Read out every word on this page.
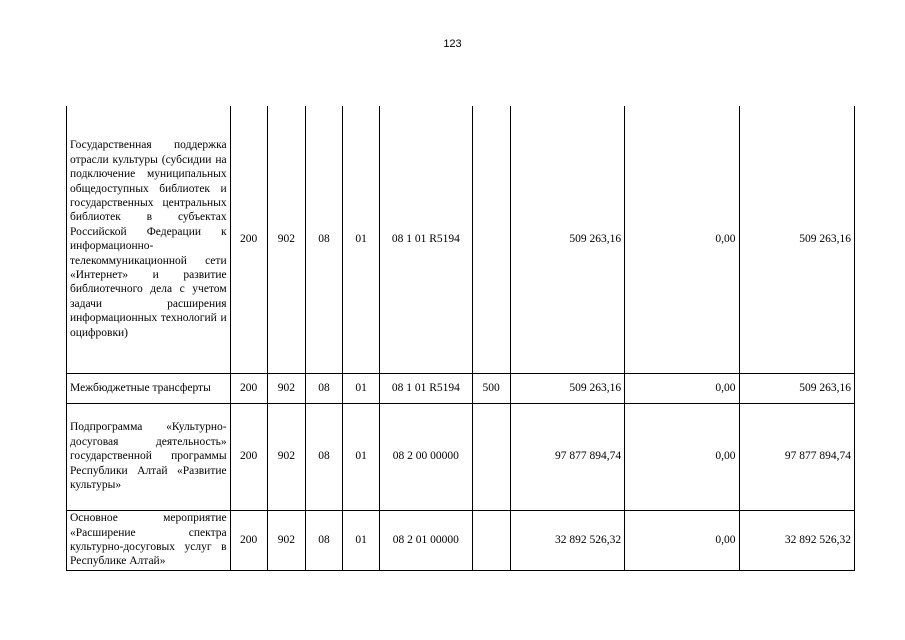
123
Государственная поддержка отрасли культуры (субсидии на подключение муниципальных общедоступных библиотек и государственных центральных библиотек в субъектах Российской Федерации к информационно-телекоммуникационной сети «Интернет» и развитие библиотечного дела с учетом задачи расширения информационных технологий и оцифровки)	200	902	08	01	08 1 01 R5194		509 263,16	0,00	509 263,16
Межбюджетные трансферты	200	902	08	01	08 1 01 R5194	500	509 263,16	0,00	509 263,16
Подпрограмма «Культурно-досуговая деятельность» государственной программы Республики Алтай «Развитие культуры»	200	902	08	01	08 2 00 00000		97 877 894,74	0,00	97 877 894,74
Основное мероприятие «Расширение спектра культурно-досуговых услуг в Республике Алтай»	200	902	08	01	08 2 01 00000		32 892 526,32	0,00	32 892 526,32
